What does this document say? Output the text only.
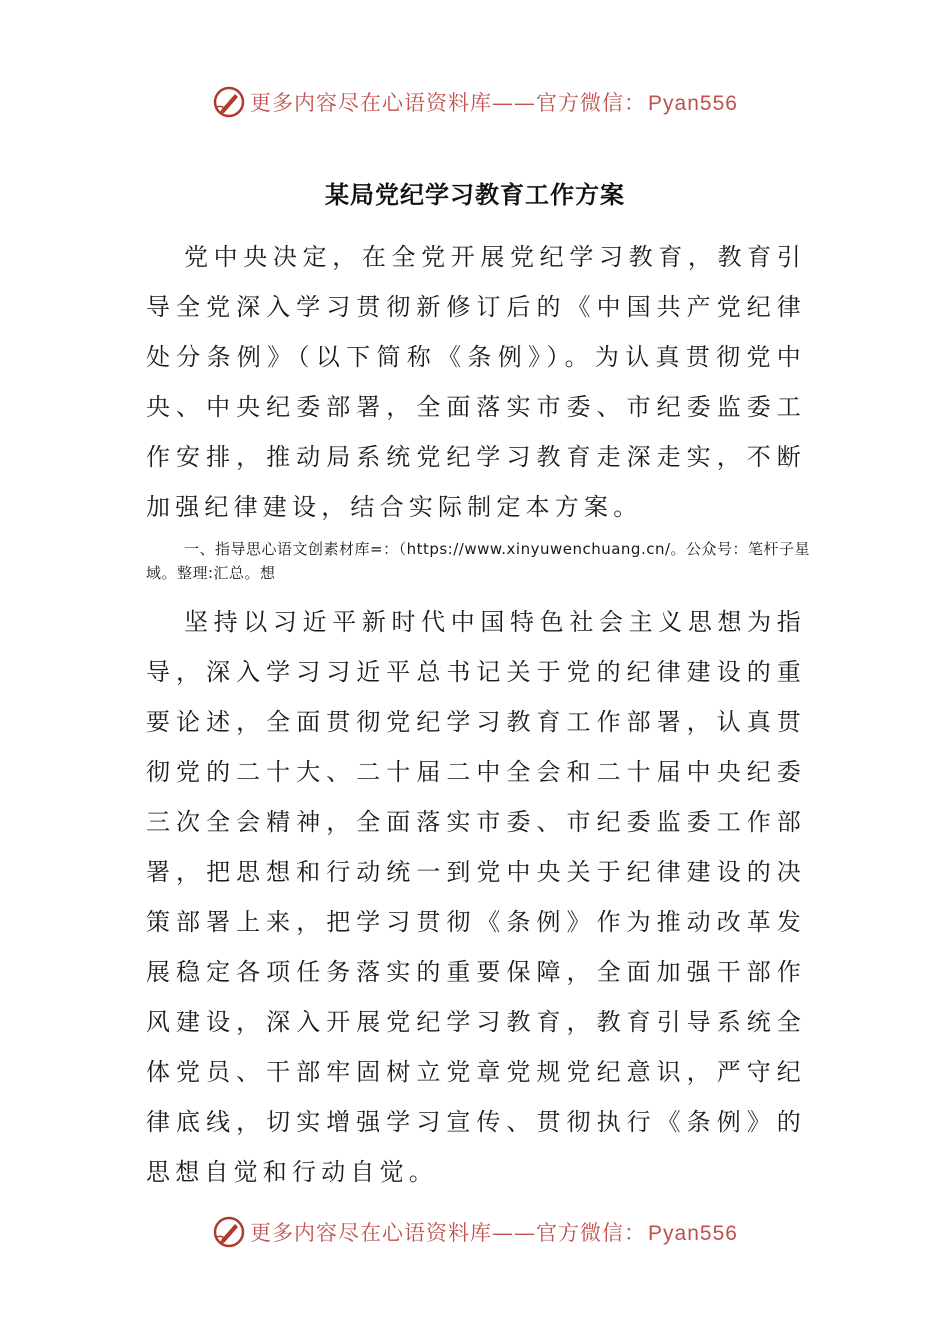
更多内容尽在心语资料库——官方微信：Pyan556
某局党纪学习教育工作方案

党中央决定，在全党开展党纪学习教育，教育引导全党深入学习贯彻新修订后的《中国共产党纪律处分条例》（以下简称《条例》）。为认真贯彻党中央、中央纪委部署，全面落实市委、市纪委监委工作安排，推动局系统党纪学习教育走深走实，不断加强纪律建设，结合实际制定本方案。

一、指导思心语文创素材库=：（https://www.xinyuwenchuang.cn/。公众号：笔杆子星域。整理:汇总。想

坚持以习近平新时代中国特色社会主义思想为指导，深入学习习近平总书记关于党的纪律建设的重要论述，全面贯彻党纪学习教育工作部署，认真贯彻党的二十大、二十届二中全会和二十届中央纪委三次全会精神，全面落实市委、市纪委监委工作部署，把思想和行动统一到党中央关于纪律建设的决策部署上来，把学习贯彻《条例》作为推动改革发展稳定各项任务落实的重要保障，全面加强干部作风建设，深入开展党纪学习教育，教育引导系统全体党员、干部牢固树立党章党规党纪意识，严守纪律底线，切实增强学习宣传、贯彻执行《条例》的思想自觉和行动自觉。

更多内容尽在心语资料库——官方微信：Pyan556
